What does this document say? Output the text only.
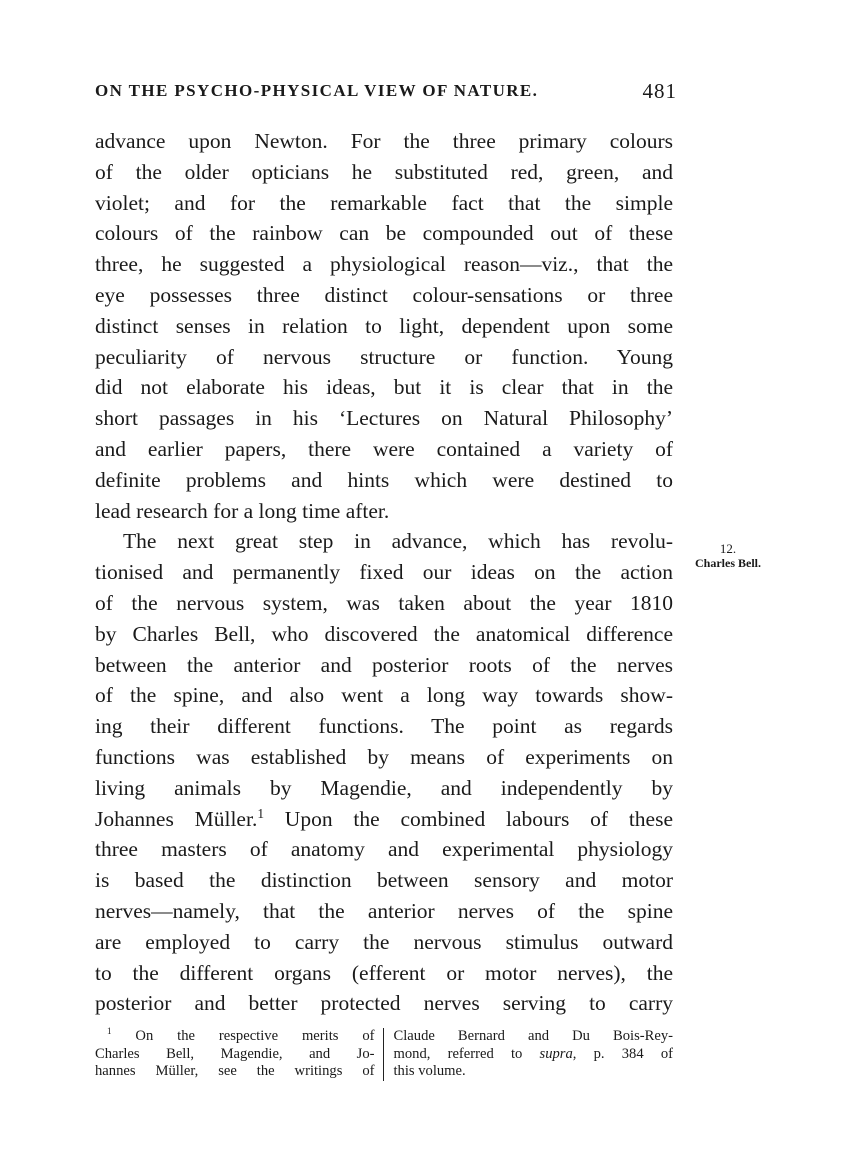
ON THE PSYCHO-PHYSICAL VIEW OF NATURE.	481
advance upon Newton. For the three primary colours
of the older opticians he substituted red, green, and
violet; and for the remarkable fact that the simple
colours of the rainbow can be compounded out of these
three, he suggested a physiological reason—viz., that the
eye possesses three distinct colour-sensations or three
distinct senses in relation to light, dependent upon some
peculiarity of nervous structure or function. Young
did not elaborate his ideas, but it is clear that in the
short passages in his ‘Lectures on Natural Philosophy’
and earlier papers, there were contained a variety of
definite problems and hints which were destined to
lead research for a long time after.
The next great step in advance, which has revolu-
tionised and permanently fixed our ideas on the action
of the nervous system, was taken about the year 1810
by Charles Bell, who discovered the anatomical difference
between the anterior and posterior roots of the nerves
of the spine, and also went a long way towards show-
ing their different functions. The point as regards
functions was established by means of experiments on
living animals by Magendie, and independently by
Johannes Müller.$^1$ Upon the combined labours of these
three masters of anatomy and experimental physiology
is based the distinction between sensory and motor
nerves—namely, that the anterior nerves of the spine
are employed to carry the nervous stimulus outward
to the different organs (efferent or motor nerves), the
posterior and better protected nerves serving to carry
12.
Charles Bell.
$^1$ On the respective merits of
Charles Bell, Magendie, and Jo-
hannes Müller, see the writings of
Claude Bernard and Du Bois-Rey-
mond, referred to supra, p. 384 of
this volume.
